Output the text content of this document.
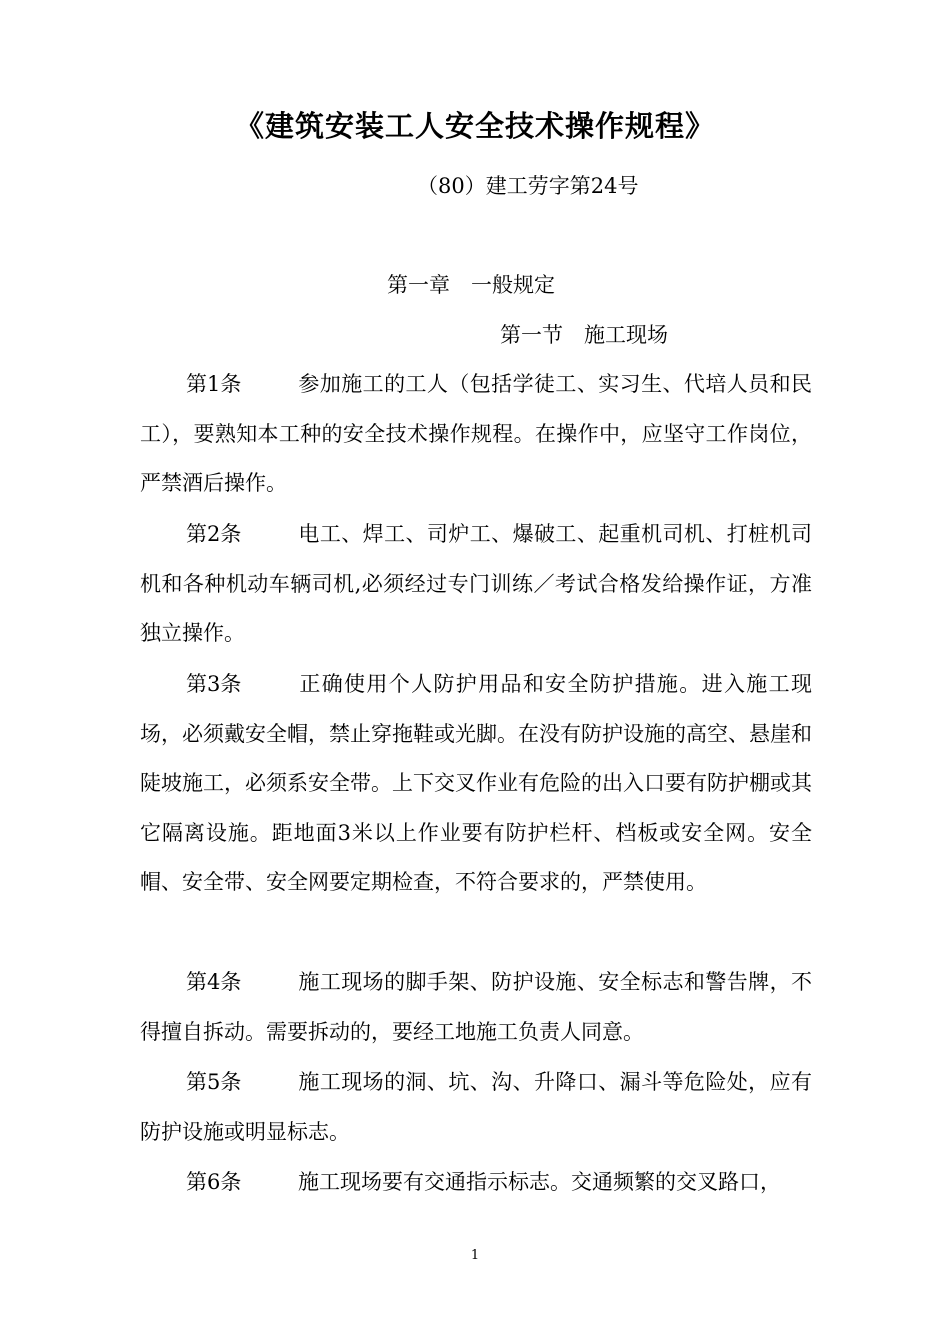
《建筑安装工人安全技术操作规程》
（80）建工劳字第24号
第一章　一般规定
第一节　施工现场

第1条	参加施工的工人（包括学徒工、实习生、代培人员和民工），要熟知本工种的安全技术操作规程。在操作中，应坚守工作岗位，严禁酒后操作。

第2条	电工、焊工、司炉工、爆破工、起重机司机、打桩机司机和各种机动车辆司机,必须经过专门训练／考试合格发给操作证，方准独立操作。

第3条	正确使用个人防护用品和安全防护措施。进入施工现场，必须戴安全帽，禁止穿拖鞋或光脚。在没有防护设施的高空、悬崖和陡坡施工，必须系安全带。上下交叉作业有危险的出入口要有防护棚或其它隔离设施。距地面3米以上作业要有防护栏杆、档板或安全网。安全帽、安全带、安全网要定期检查，不符合要求的，严禁使用。

第4条	施工现场的脚手架、防护设施、安全标志和警告牌，不得擅自拆动。需要拆动的，要经工地施工负责人同意。

第5条	施工现场的洞、坑、沟、升降口、漏斗等危险处，应有防护设施或明显标志。

第6条	施工现场要有交通指示标志。交通频繁的交叉路口，

1
